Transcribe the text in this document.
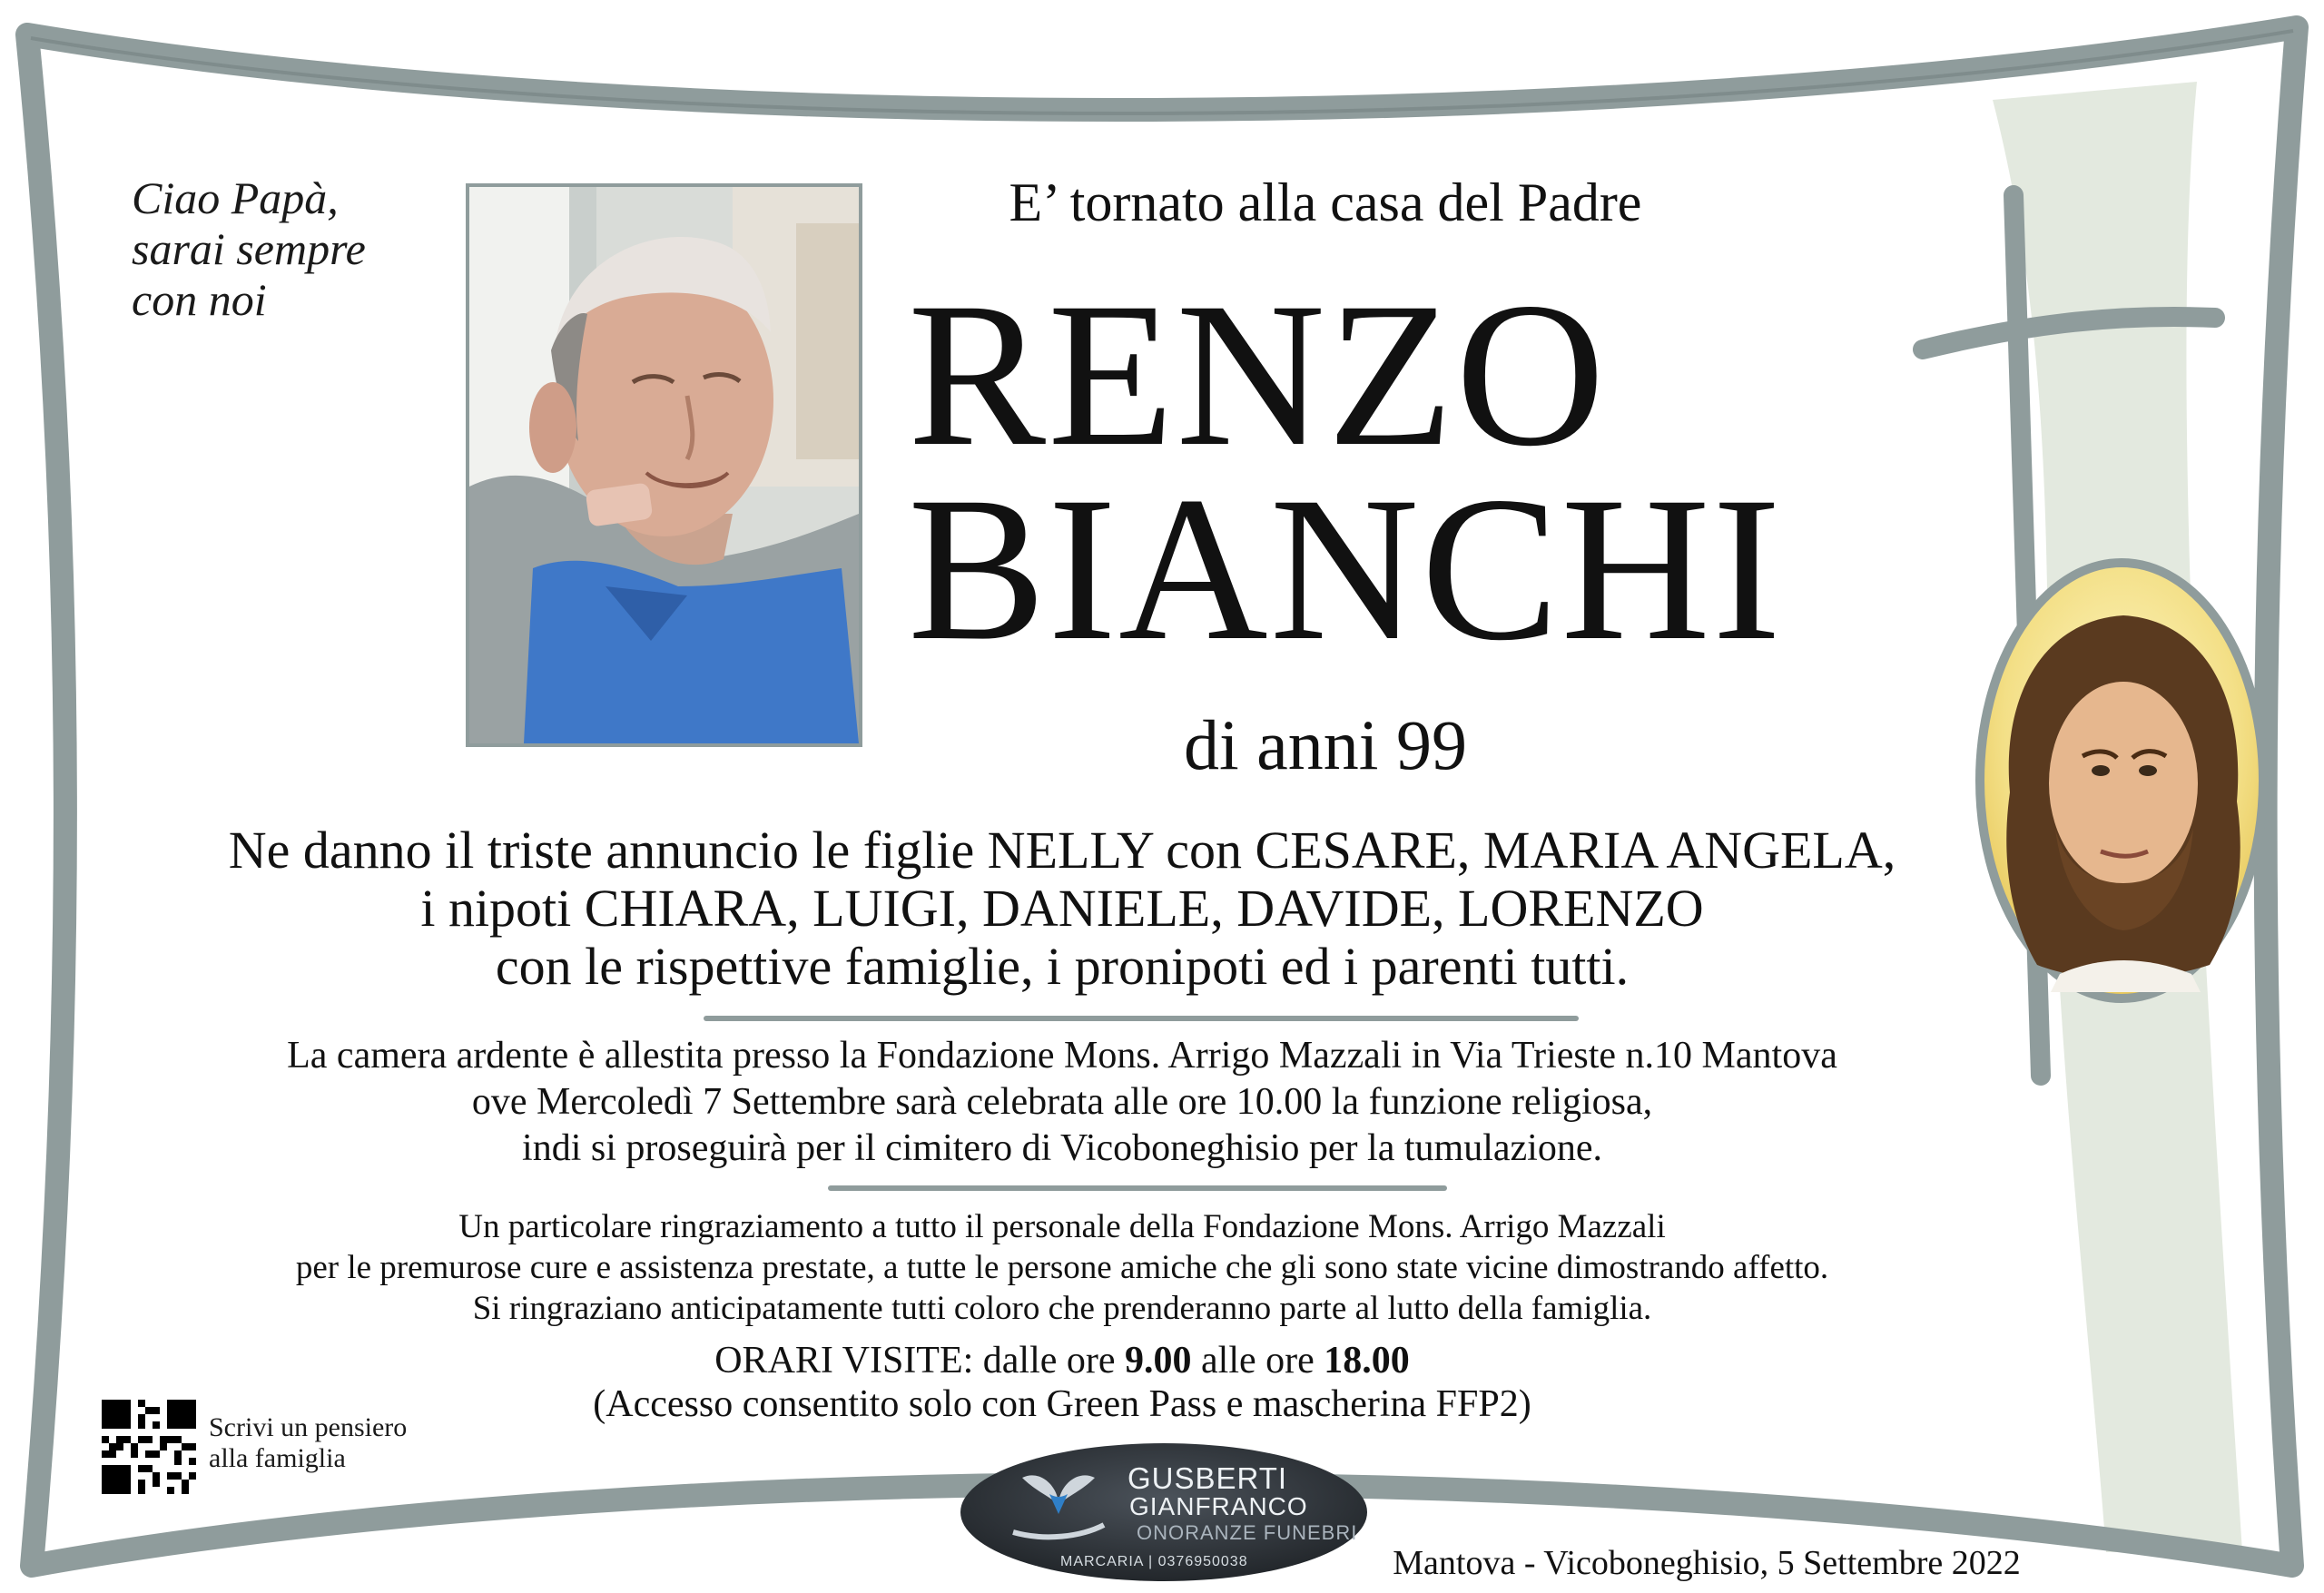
Ciao Papà,
sarai sempre
con noi
E’ tornato alla casa del Padre
RENZO
BIANCHI
di anni 99
Ne danno il triste annuncio le figlie NELLY con CESARE, MARIA ANGELA,
i nipoti CHIARA, LUIGI, DANIELE, DAVIDE, LORENZO
con le rispettive famiglie, i pronipoti ed i parenti tutti.
La camera ardente è allestita presso la Fondazione Mons. Arrigo Mazzali in Via Trieste n.10 Mantova
ove Mercoledì 7 Settembre sarà celebrata alle ore 10.00 la funzione religiosa,
indi si proseguirà per il cimitero di Vicoboneghisio per la tumulazione.
Un particolare ringraziamento a tutto il personale della Fondazione Mons. Arrigo Mazzali
per le premurose cure e assistenza prestate, a tutte le persone amiche che gli sono state vicine dimostrando affetto.
Si ringraziano anticipatamente tutti coloro che prenderanno parte al lutto della famiglia.
ORARI VISITE: dalle ore 9.00 alle ore 18.00
(Accesso consentito solo con Green Pass e mascherina FFP2)
Scrivi un pensiero
alla famiglia
GUSBERTI
GIANFRANCO
ONORANZE FUNEBRI
MARCARIA | 0376950038	Mantova - Vicoboneghisio, 5 Settembre 2022
